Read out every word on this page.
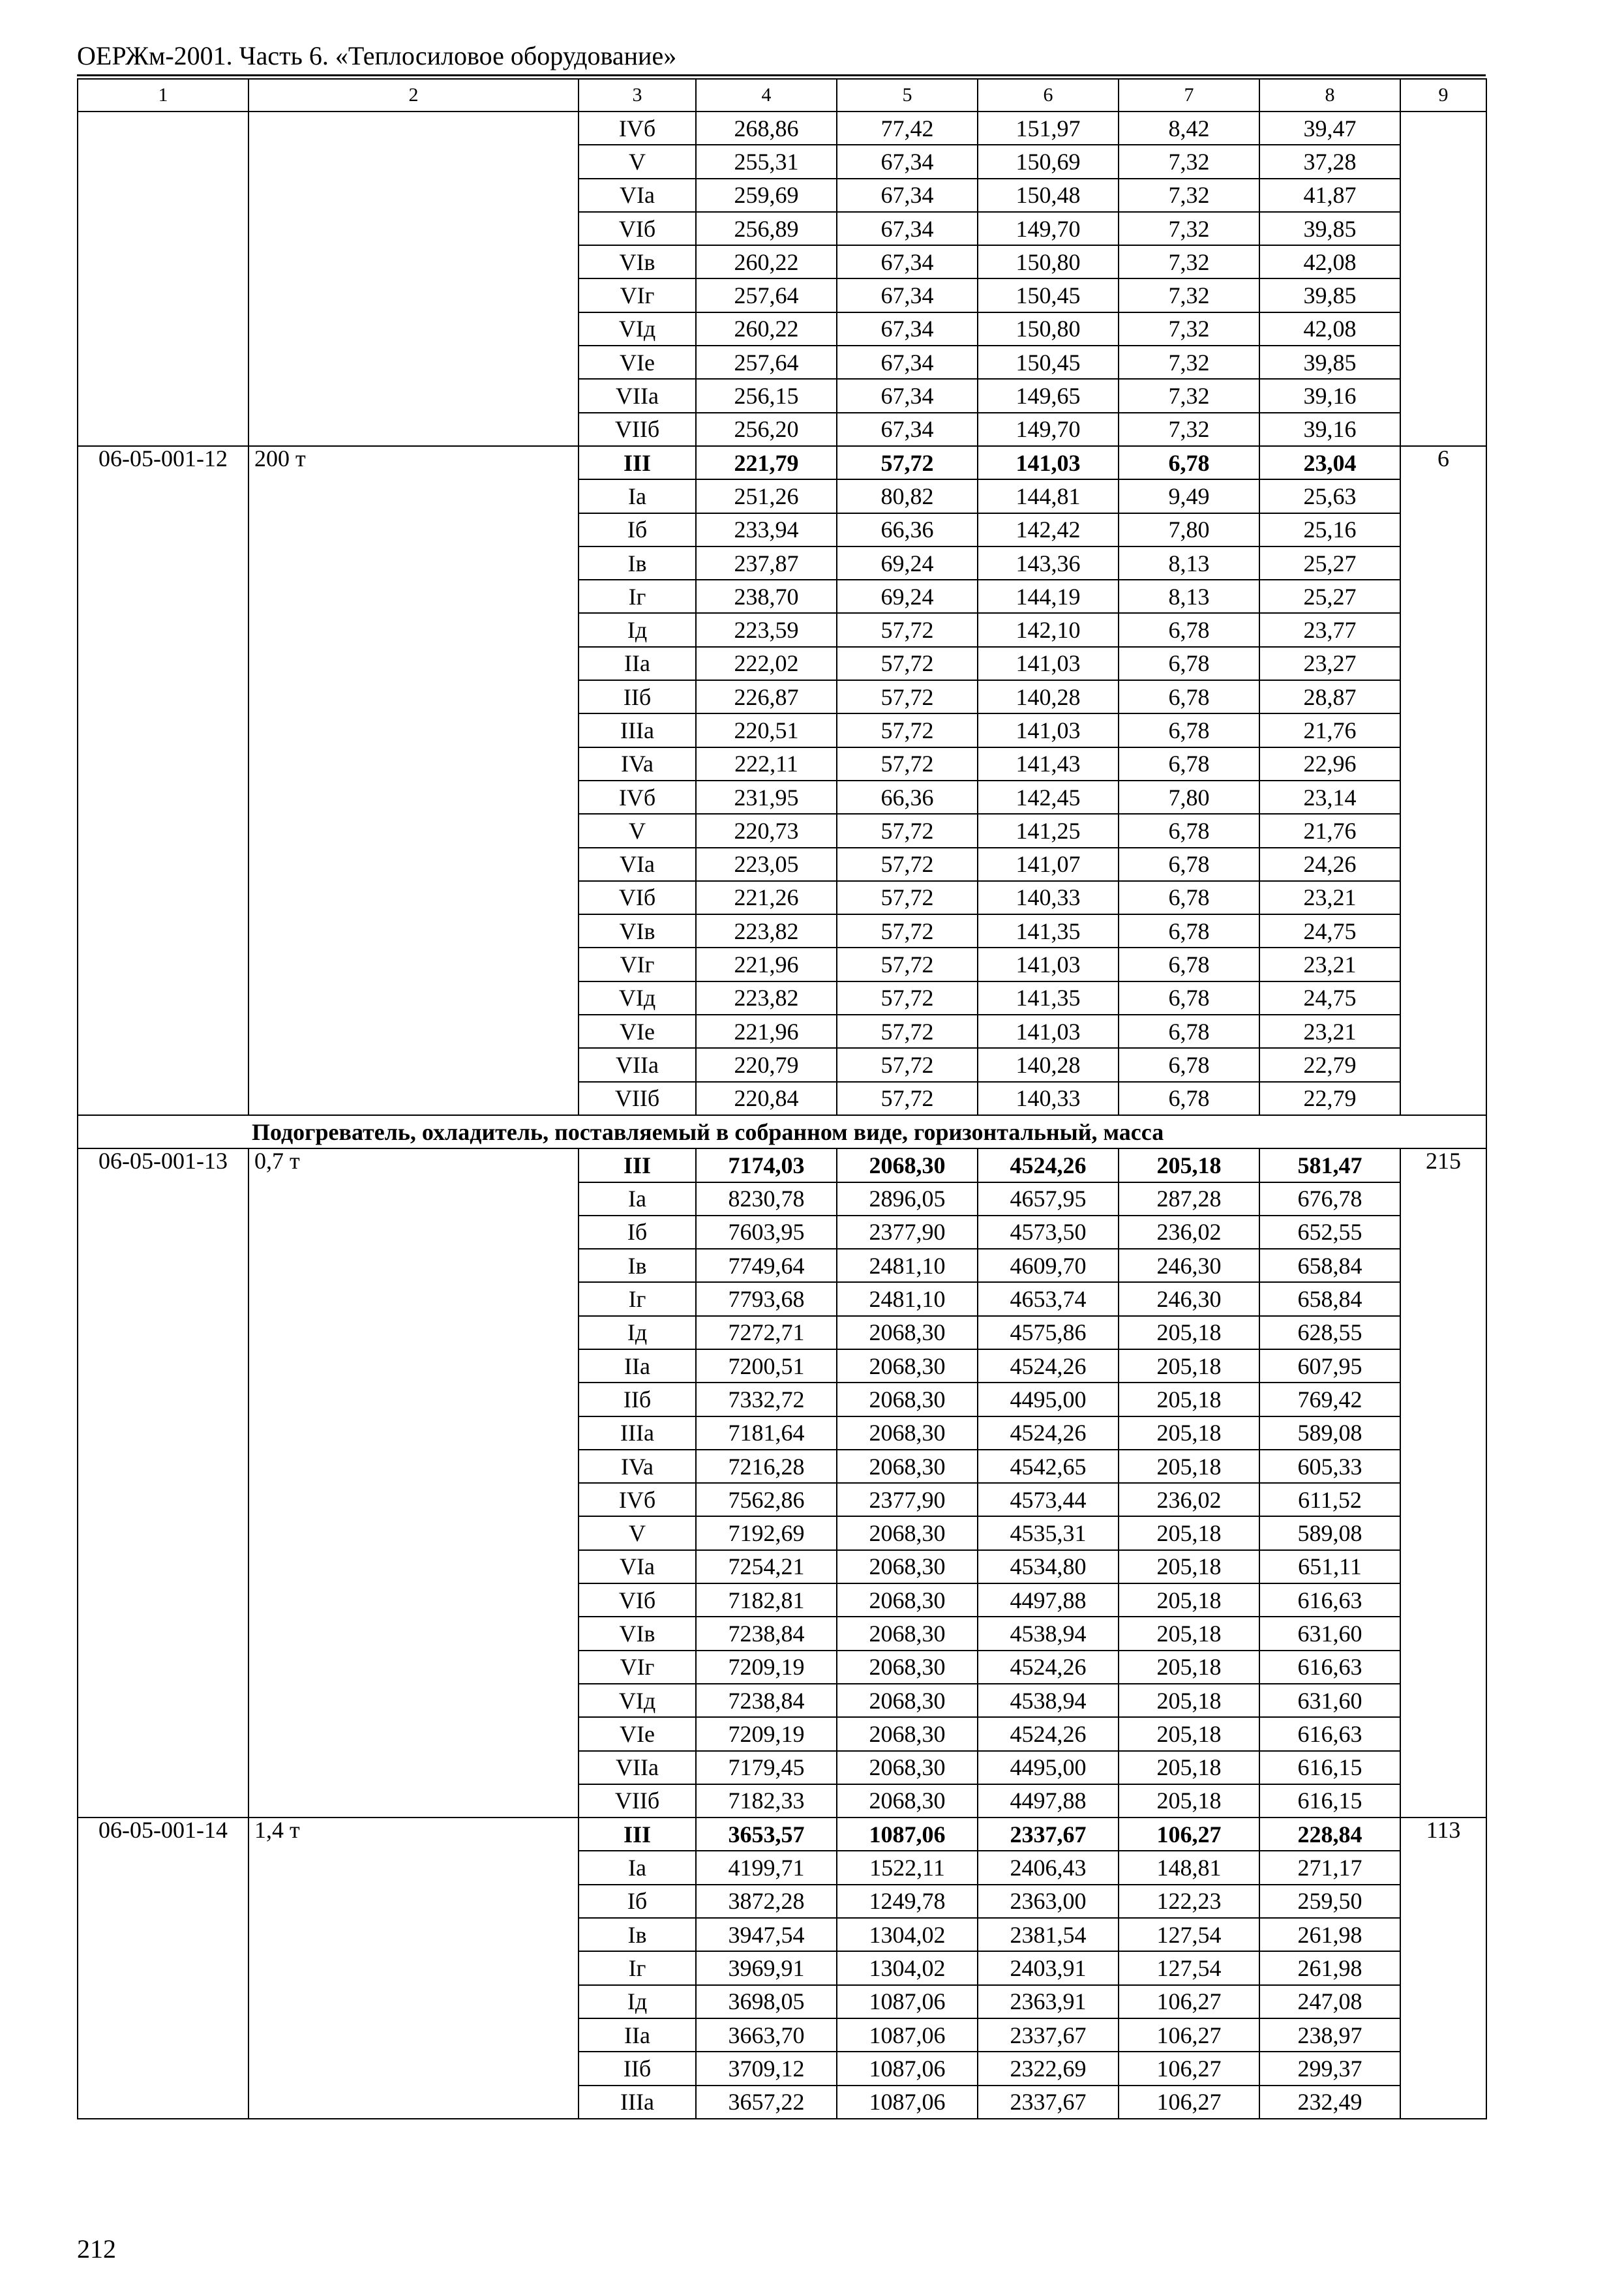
ОЕРЖм-2001. Часть 6. «Теплосиловое оборудование»
1	2	3	4	5	6	7	8	9
		IVб	268,86	77,42	151,97	8,42	39,47	
		V	255,31	67,34	150,69	7,32	37,28	
		VIa	259,69	67,34	150,48	7,32	41,87	
		VIб	256,89	67,34	149,70	7,32	39,85	
		VIв	260,22	67,34	150,80	7,32	42,08	
		VIг	257,64	67,34	150,45	7,32	39,85	
		VIд	260,22	67,34	150,80	7,32	42,08	
		VIe	257,64	67,34	150,45	7,32	39,85	
		VIIa	256,15	67,34	149,65	7,32	39,16	
		VIIб	256,20	67,34	149,70	7,32	39,16	
06-05-001-12	200 т	III	221,79	57,72	141,03	6,78	23,04	6
		Ia	251,26	80,82	144,81	9,49	25,63	
		Iб	233,94	66,36	142,42	7,80	25,16	
		Iв	237,87	69,24	143,36	8,13	25,27	
		Iг	238,70	69,24	144,19	8,13	25,27	
		Iд	223,59	57,72	142,10	6,78	23,77	
		IIa	222,02	57,72	141,03	6,78	23,27	
		IIб	226,87	57,72	140,28	6,78	28,87	
		IIIa	220,51	57,72	141,03	6,78	21,76	
		IVa	222,11	57,72	141,43	6,78	22,96	
		IVб	231,95	66,36	142,45	7,80	23,14	
		V	220,73	57,72	141,25	6,78	21,76	
		VIa	223,05	57,72	141,07	6,78	24,26	
		VIб	221,26	57,72	140,33	6,78	23,21	
		VIв	223,82	57,72	141,35	6,78	24,75	
		VIг	221,96	57,72	141,03	6,78	23,21	
		VIд	223,82	57,72	141,35	6,78	24,75	
		VIe	221,96	57,72	141,03	6,78	23,21	
		VIIa	220,79	57,72	140,28	6,78	22,79	
		VIIб	220,84	57,72	140,33	6,78	22,79	
Подогреватель, охладитель, поставляемый в собранном виде, горизонтальный, масса								
06-05-001-13	0,7 т	III	7174,03	2068,30	4524,26	205,18	581,47	215
		Ia	8230,78	2896,05	4657,95	287,28	676,78	
		Iб	7603,95	2377,90	4573,50	236,02	652,55	
		Iв	7749,64	2481,10	4609,70	246,30	658,84	
		Iг	7793,68	2481,10	4653,74	246,30	658,84	
		Iд	7272,71	2068,30	4575,86	205,18	628,55	
		IIa	7200,51	2068,30	4524,26	205,18	607,95	
		IIб	7332,72	2068,30	4495,00	205,18	769,42	
		IIIa	7181,64	2068,30	4524,26	205,18	589,08	
		IVa	7216,28	2068,30	4542,65	205,18	605,33	
		IVб	7562,86	2377,90	4573,44	236,02	611,52	
		V	7192,69	2068,30	4535,31	205,18	589,08	
		VIa	7254,21	2068,30	4534,80	205,18	651,11	
		VIб	7182,81	2068,30	4497,88	205,18	616,63	
		VIв	7238,84	2068,30	4538,94	205,18	631,60	
		VIг	7209,19	2068,30	4524,26	205,18	616,63	
		VIд	7238,84	2068,30	4538,94	205,18	631,60	
		VIe	7209,19	2068,30	4524,26	205,18	616,63	
		VIIa	7179,45	2068,30	4495,00	205,18	616,15	
		VIIб	7182,33	2068,30	4497,88	205,18	616,15	
06-05-001-14	1,4 т	III	3653,57	1087,06	2337,67	106,27	228,84	113
		Ia	4199,71	1522,11	2406,43	148,81	271,17	
		Iб	3872,28	1249,78	2363,00	122,23	259,50	
		Iв	3947,54	1304,02	2381,54	127,54	261,98	
		Iг	3969,91	1304,02	2403,91	127,54	261,98	
		Iд	3698,05	1087,06	2363,91	106,27	247,08	
		IIa	3663,70	1087,06	2337,67	106,27	238,97	
		IIб	3709,12	1087,06	2322,69	106,27	299,37	
		IIIa	3657,22	1087,06	2337,67	106,27	232,49	
212
